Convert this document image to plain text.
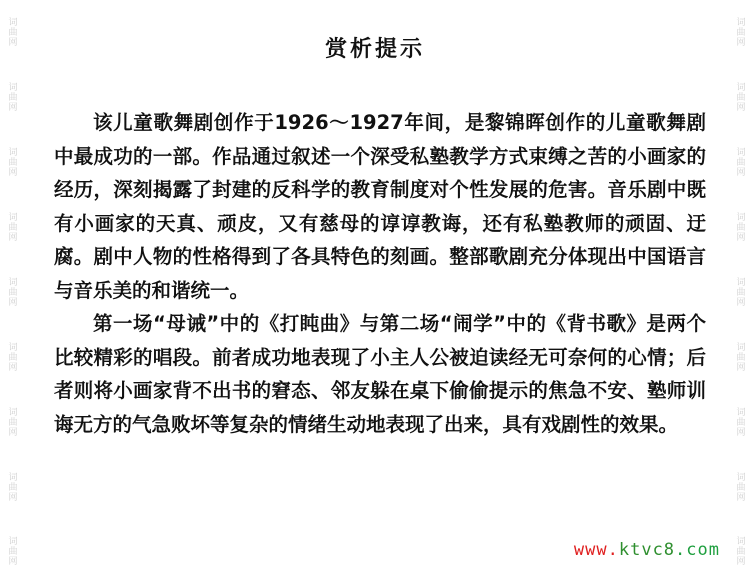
词曲网
词曲网
词曲网
词曲网
词曲网
词曲网
词曲网
词曲网
词曲网
词曲网
词曲网
词曲网
词曲网
词曲网
词曲网
词曲网
词曲网
词曲网
赏析提示

该儿童歌舞剧创作于1926～1927年间，是黎锦晖创作的儿童歌舞剧中最成功的一部。作品通过叙述一个深受私塾教学方式束缚之苦的小画家的经历，深刻揭露了封建的反科学的教育制度对个性发展的危害。音乐剧中既有小画家的天真、顽皮，又有慈母的谆谆教诲，还有私塾教师的顽固、迂腐。剧中人物的性格得到了各具特色的刻画。整部歌剧充分体现出中国语言与音乐美的和谐统一。

第一场“母诫”中的《打盹曲》与第二场“闹学”中的《背书歌》是两个比较精彩的唱段。前者成功地表现了小主人公被迫读经无可奈何的心情；后者则将小画家背不出书的窘态、邻友躲在桌下偷偷提示的焦急不安、塾师训诲无方的气急败坏等复杂的情绪生动地表现了出来，具有戏剧性的效果。

www.ktvc8.com
